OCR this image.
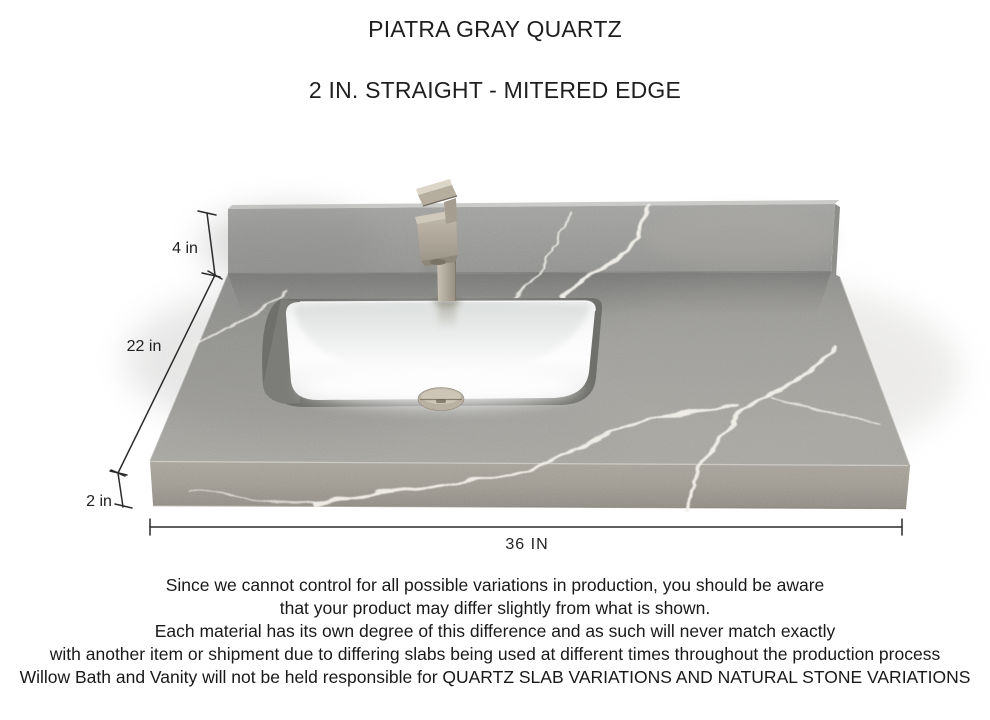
PIATRA GRAY QUARTZ
2 IN. STRAIGHT - MITERED EDGE
4 in
22 in
2 in
36 IN
Since we cannot control for all possible variations in production, you should be aware
that your product may differ slightly from what is shown.
Each material has its own degree of this difference and as such will never match exactly
with another item or shipment due to differing slabs being used at different times throughout the production process
Willow Bath and Vanity will not be held responsible for QUARTZ SLAB VARIATIONS AND NATURAL STONE VARIATIONS
